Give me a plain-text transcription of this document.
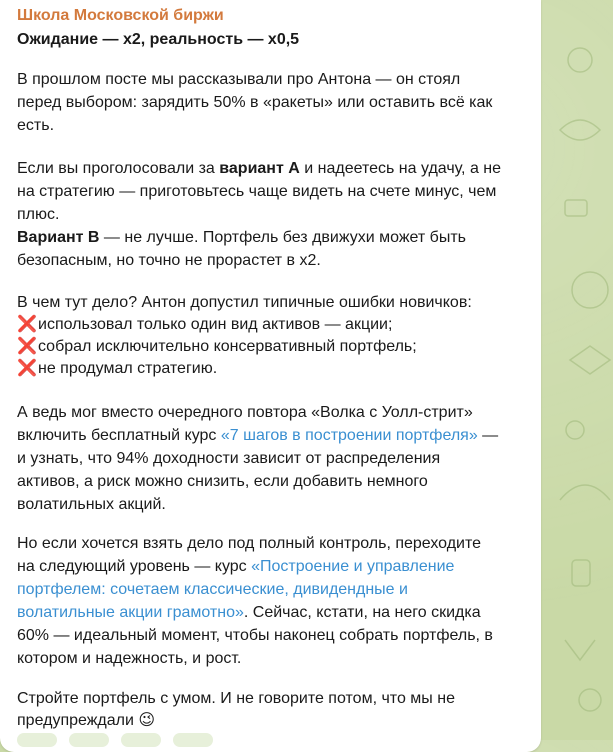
Школа Московской биржи
Ожидание — х2, реальность — х0,5
В прошлом посте мы рассказывали про Антона — он стоял
перед выбором: зарядить 50% в «ракеты» или оставить всё как
есть.
Если вы проголосовали за вариант А и надеетесь на удачу, а не
на стратегию — приготовьтесь чаще видеть на счете минус, чем
плюс.
Вариант В — не лучше. Портфель без движухи может быть
безопасным, но точно не прорастет в х2.
В чем тут дело? Антон допустил типичные ошибки новичков:
❌использовал только один вид активов — акции;
❌собрал исключительно консервативный портфель;
❌не продумал стратегию.
А ведь мог вместо очередного повтора «Волка с Уолл-стрит»
включить бесплатный курс «7 шагов в построении портфеля» —
и узнать, что 94% доходности зависит от распределения
активов, а риск можно снизить, если добавить немного
волатильных акций.
Но если хочется взять дело под полный контроль, переходите
на следующий уровень — курс «Построение и управление
портфелем: сочетаем классические, дивидендные и
волатильные акции грамотно». Сейчас, кстати, на него скидка
60% — идеальный момент, чтобы наконец собрать портфель, в
котором и надежность, и рост.
Стройте портфель с умом. И не говорите потом, что мы не
предупреждали 😉
